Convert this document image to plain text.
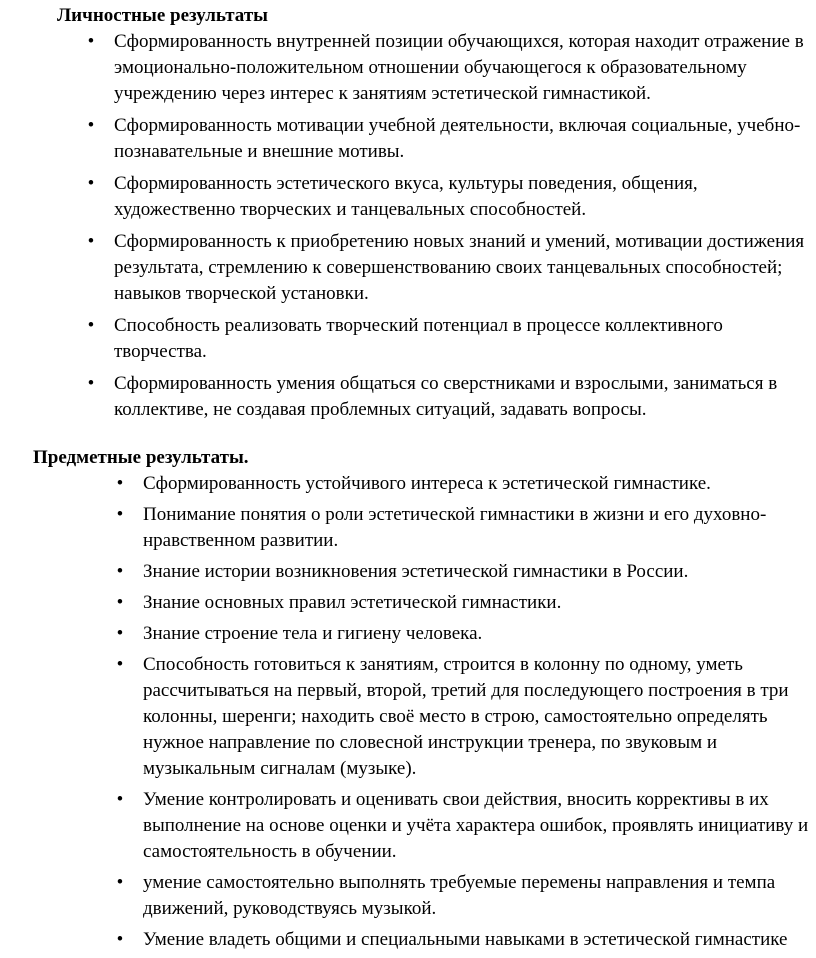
Личностные результаты
• Сформированность внутренней позиции обучающихся, которая находит отражение в эмоционально-положительном отношении обучающегося к образовательному учреждению через интерес к занятиям эстетической гимнастикой.
• Сформированность мотивации учебной деятельности, включая социальные, учебно-познавательные и внешние мотивы.
• Сформированность эстетического вкуса, культуры поведения, общения, художественно творческих и танцевальных способностей.
• Сформированность к приобретению новых знаний и умений, мотивации достижения результата, стремлению к совершенствованию своих танцевальных способностей; навыков творческой установки.
• Способность реализовать творческий потенциал в процессе коллективного творчества.
• Сформированность умения общаться со сверстниками и взрослыми, заниматься в коллективе, не создавая проблемных ситуаций, задавать вопросы.
Предметные результаты.
• Сформированность устойчивого интереса к эстетической гимнастике.
• Понимание понятия о роли эстетической гимнастики в жизни и его духовно-нравственном развитии.
• Знание истории возникновения эстетической гимнастики в России.
• Знание основных правил эстетической гимнастики.
• Знание строение тела и гигиену человека.
• Способность готовиться к занятиям, строится в колонну по одному, уметь рассчитываться на первый, второй, третий для последующего построения в три колонны, шеренги; находить своё место в строю, самостоятельно определять нужное направление по словесной инструкции тренера, по звуковым и музыкальным сигналам (музыке).
• Умение контролировать и оценивать свои действия, вносить коррективы в их выполнение на основе оценки и учёта характера ошибок, проявлять инициативу и самостоятельность в обучении.
• умение самостоятельно выполнять требуемые перемены направления и темпа движений, руководствуясь музыкой.
• Умение владеть общими и специальными навыками в эстетической гимнастике
